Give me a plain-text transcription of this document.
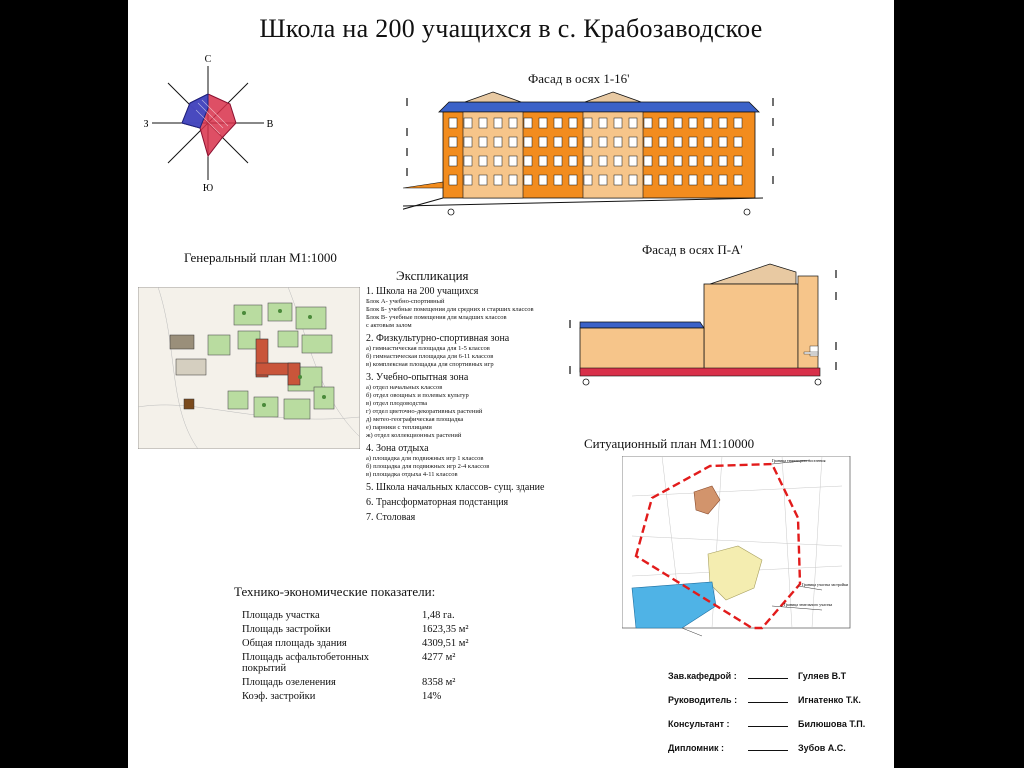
Школа на 200 учащихся в с. Крабозаводское
С
Ю
З	В
Фасад в осях 1-16'
Генеральный план М1:1000
Фасад в осях П-А'
Экспликация
1. Школа на 200 учащихся
Блок А- учебно-спортивный
Блок Б- учебные помещения для средних и старших классов
Блок В- учебные помещения для младших классов
с актовым залом
2. Физкультурно-спортивная зона
а) гимнастическая площадка для 1-5 классов
б) гимнастическая площадка для 6-11 классов
в) комплексная площадка для спортивных игр
3. Учебно-опытная зона
а) отдел начальных классов
б) отдел овощных и полевых культур
в) отдел плодоводства
г) отдел цветочно-декоративных растений
д) метео-географическая площадка
е) парники с теплицами
ж) отдел коллекционных растений
4. Зона отдыха
а) площадка для подвижных игр 1 классов
б) площадка для подвижных игр 2-4 классов
в) площадка отдыха 4-11 классов
5. Школа начальных классов- сущ. здание
6. Трансформаторная подстанция
7. Столовая
Ситуационный план М1:10000
Граница территории поселения
Граница участка застройки
Граница земельного участка
Технико-экономические показатели:
Площадь участка	1,48 га.
Площадь застройки	1623,35 м²
Общая площадь здания	4309,51 м²
Площадь асфальтобетонных покрытий	4277 м²
Площадь озеленения	8358 м²
Коэф. застройки	14%
Зав.кафедрой :	Гуляев В.Т
Руководитель :	Игнатенко Т.К.
Консультант :	Билюшова Т.П.
Дипломник :	Зубов А.С.
